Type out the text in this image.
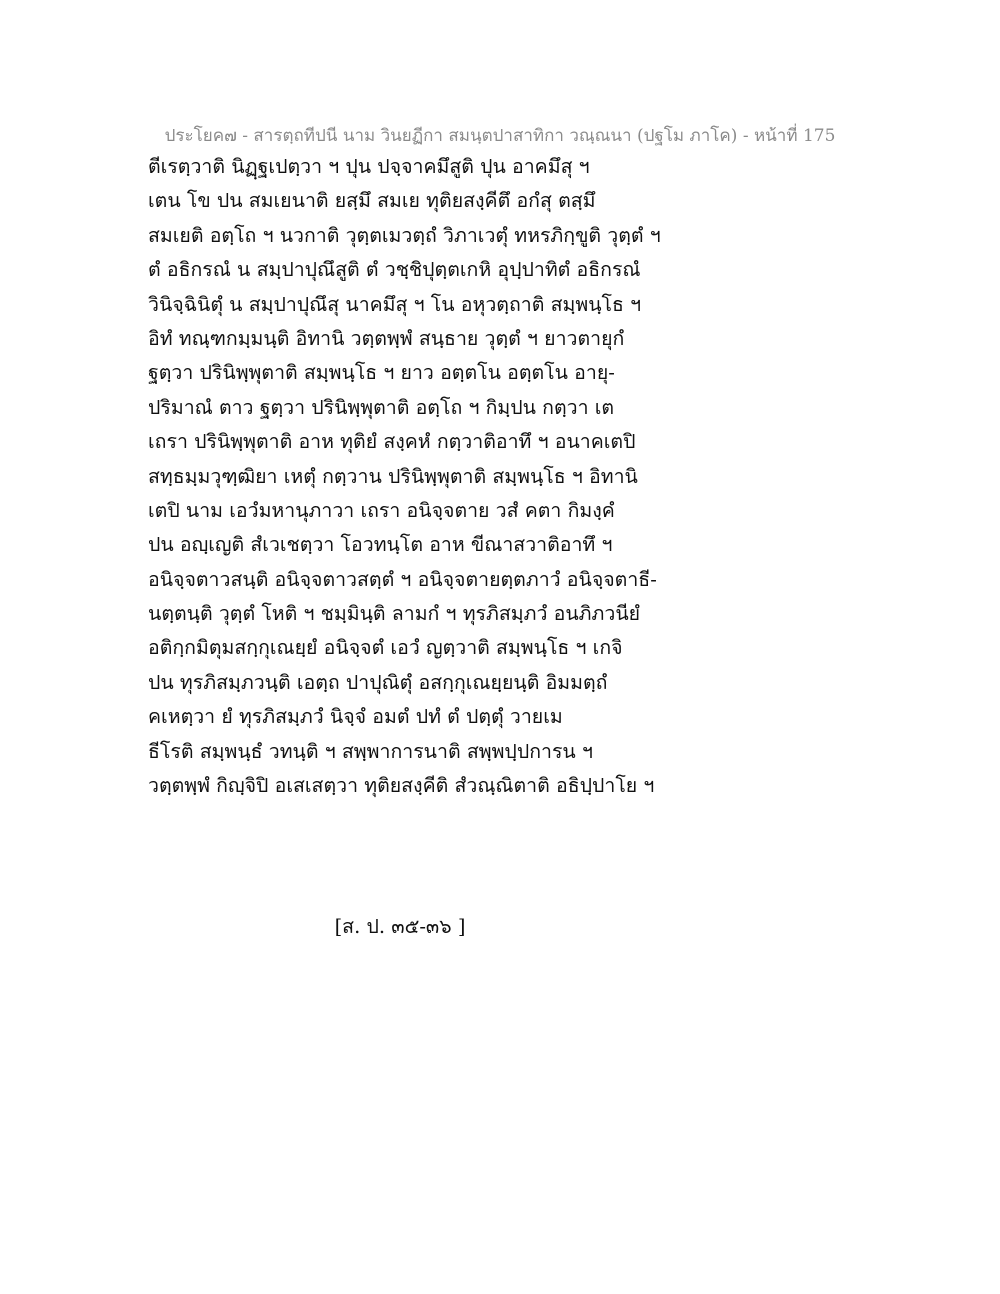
ประโยค๗ - สารตฺถทีปนี นาม วินยฏีกา สมนฺตปาสาทิกา วณฺณนา (ปฐโม ภาโค) - หน้าที่ 175
ตีเรตฺวาติ นิฏฺฐเปตฺวา ฯ ปุน ปจฺจาคมึสูติ ปุน อาคมึสุ ฯ
เตน โข ปน สมเยนาติ ยสฺมึ สมเย ทุติยสงฺคีตึ อกํสุ ตสฺมึ
สมเยติ อตฺโถ ฯ นวกาติ วุตฺตเมวตฺถํ วิภาเวตุํ ทหรภิกฺขูติ วุตฺตํ ฯ
ตํ อธิกรณํ น สมฺปาปุณึสูติ ตํ วชฺชิปุตฺตเกหิ อุปฺปาทิตํ อธิกรณํ
วินิจฺฉินิตุํ น สมฺปาปุณึสุ นาคมึสุ ฯ โน อหุวตฺถาติ สมฺพนฺโธ ฯ
อิทํ ทณฺฑกมฺมนฺติ อิทานิ วตฺตพฺพํ สนฺธาย วุตฺตํ ฯ ยาวตายุกํ
ฐตฺวา ปรินิพฺพุตาติ สมฺพนฺโธ ฯ ยาว อตฺตโน อตฺตโน อายุ-
ปริมาณํ ตาว ฐตฺวา ปรินิพฺพุตาติ อตฺโถ ฯ กิมฺปน กตฺวา เต
เถรา ปรินิพฺพุตาติ อาห ทุติยํ สงฺคหํ กตฺวาติอาทึ ฯ อนาคเตปิ
สทฺธมฺมวุฑฺฒิยา เหตุํ กตฺวาน ปรินิพฺพุตาติ สมฺพนฺโธ ฯ อิทานิ
เตปิ นาม เอวํมหานุภาวา เถรา อนิจฺจตาย วสํ คตา กิมงฺคํ
ปน อญฺเญติ สํเวเชตฺวา โอวทนฺโต อาห ขีณาสวาติอาทึ ฯ
อนิจฺจตาวสนฺติ อนิจฺจตาวสตฺตํ ฯ อนิจฺจตายตฺตภาวํ อนิจฺจตาธี-
นตฺตนฺติ วุตฺตํ โหติ ฯ ชมฺมินฺติ ลามกํ ฯ ทุรภิสมฺภวํ อนภิภวนียํ
อติกฺกมิตุมสกฺกุเณยฺยํ อนิจฺจตํ เอวํ ญตฺวาติ สมฺพนฺโธ ฯ เกจิ
ปน ทุรภิสมฺภวนฺติ เอตฺถ ปาปุณิตุํ อสกฺกุเณยฺยนฺติ อิมมตฺถํ
คเหตฺวา ยํ ทุรภิสมฺภวํ นิจฺจํ อมตํ ปทํ ตํ ปตฺตุํ วายเม
ธีโรติ สมฺพนฺธํ วทนฺติ ฯ สพฺพาการนาติ สพฺพปฺปการน ฯ
วตฺตพฺพํ กิญฺจิปิ อเสเสตฺวา ทุติยสงฺคีติ สํวณฺณิตาติ อธิปฺปาโย ฯ
[ส. ป. ๓๕-๓๖ ]
